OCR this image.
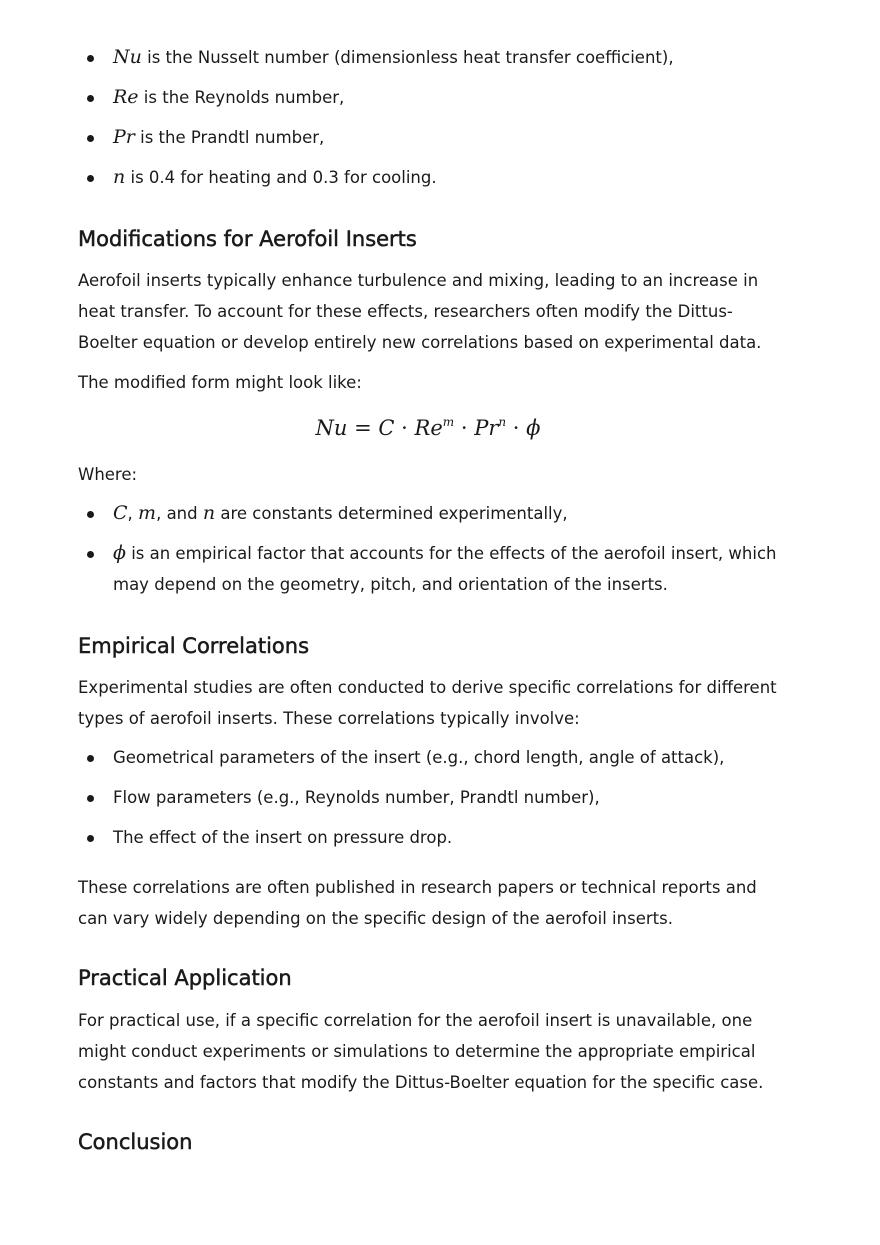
Nu is the Nusselt number (dimensionless heat transfer coefficient),
Re is the Reynolds number,
Pr is the Prandtl number,
n is 0.4 for heating and 0.3 for cooling.
Modifications for Aerofoil Inserts

Aerofoil inserts typically enhance turbulence and mixing, leading to an increase in heat transfer. To account for these effects, researchers often modify the Dittus-Boelter equation or develop entirely new correlations based on experimental data.

The modified form might look like:

$Nu = C \cdot Re^m \cdot Pr^n \cdot \phi$

Where:

C, m, and n are constants determined experimentally,
ϕ is an empirical factor that accounts for the effects of the aerofoil insert, which may depend on the geometry, pitch, and orientation of the inserts.
Empirical Correlations

Experimental studies are often conducted to derive specific correlations for different types of aerofoil inserts. These correlations typically involve:

Geometrical parameters of the insert (e.g., chord length, angle of attack),
Flow parameters (e.g., Reynolds number, Prandtl number),
The effect of the insert on pressure drop.

These correlations are often published in research papers or technical reports and can vary widely depending on the specific design of the aerofoil inserts.

Practical Application

For practical use, if a specific correlation for the aerofoil insert is unavailable, one might conduct experiments or simulations to determine the appropriate empirical constants and factors that modify the Dittus-Boelter equation for the specific case.

Conclusion
